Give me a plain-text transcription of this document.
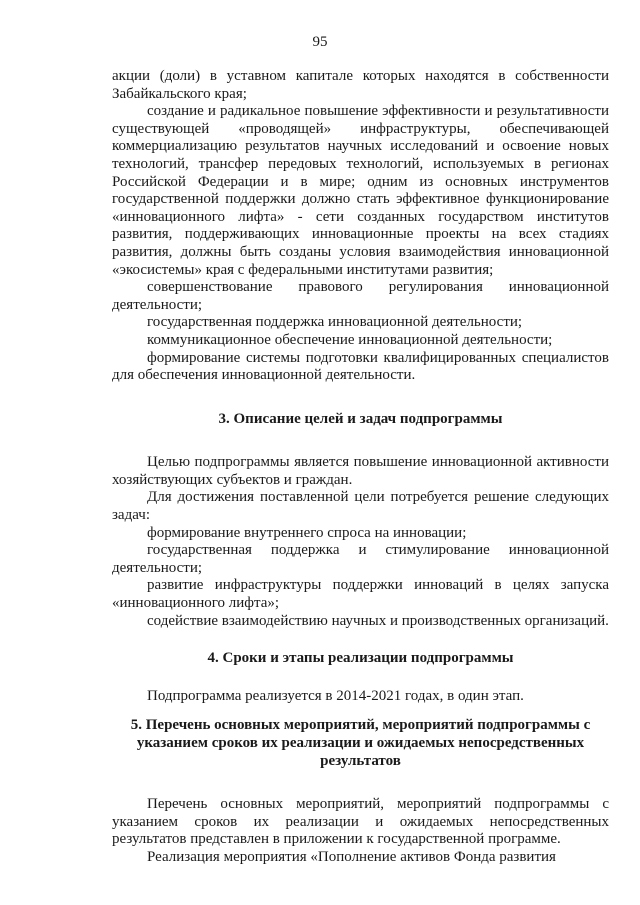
95

акции (доли) в уставном капитале которых находятся в собственности Забайкальского края;

создание и радикальное повышение эффективности и результативности существующей «проводящей» инфраструктуры, обеспечивающей коммерциализацию результатов научных исследований и освоение новых технологий, трансфер передовых технологий, используемых в регионах Российской Федерации и в мире; одним из основных инструментов государственной поддержки должно стать эффективное функционирование «инновационного лифта» - сети созданных государством институтов развития, поддерживающих инновационные проекты на всех стадиях развития, должны быть созданы условия взаимодействия инновационной «экосистемы» края с федеральными институтами развития;

совершенствование правового регулирования инновационной деятельности;

государственная поддержка инновационной деятельности;

коммуникационное обеспечение инновационной деятельности;

формирование системы подготовки квалифицированных специалистов для обеспечения инновационной деятельности.

3. Описание целей и задач подпрограммы

Целью подпрограммы является повышение инновационной активности хозяйствующих субъектов и граждан.

Для достижения поставленной цели потребуется решение следующих задач:

формирование внутреннего спроса на инновации;

государственная поддержка и стимулирование инновационной деятельности;

развитие инфраструктуры поддержки инноваций в целях запуска «инновационного лифта»;

содействие взаимодействию научных и производственных организаций.

4. Сроки и этапы реализации подпрограммы

Подпрограмма реализуется в 2014-2021 годах, в один этап.

5. Перечень основных мероприятий, мероприятий подпрограммы с указанием сроков их реализации и ожидаемых непосредственных результатов

Перечень основных мероприятий, мероприятий подпрограммы с указанием сроков их реализации и ожидаемых непосредственных результатов представлен в приложении к государственной программе.

Реализация мероприятия «Пополнение активов Фонда развития
